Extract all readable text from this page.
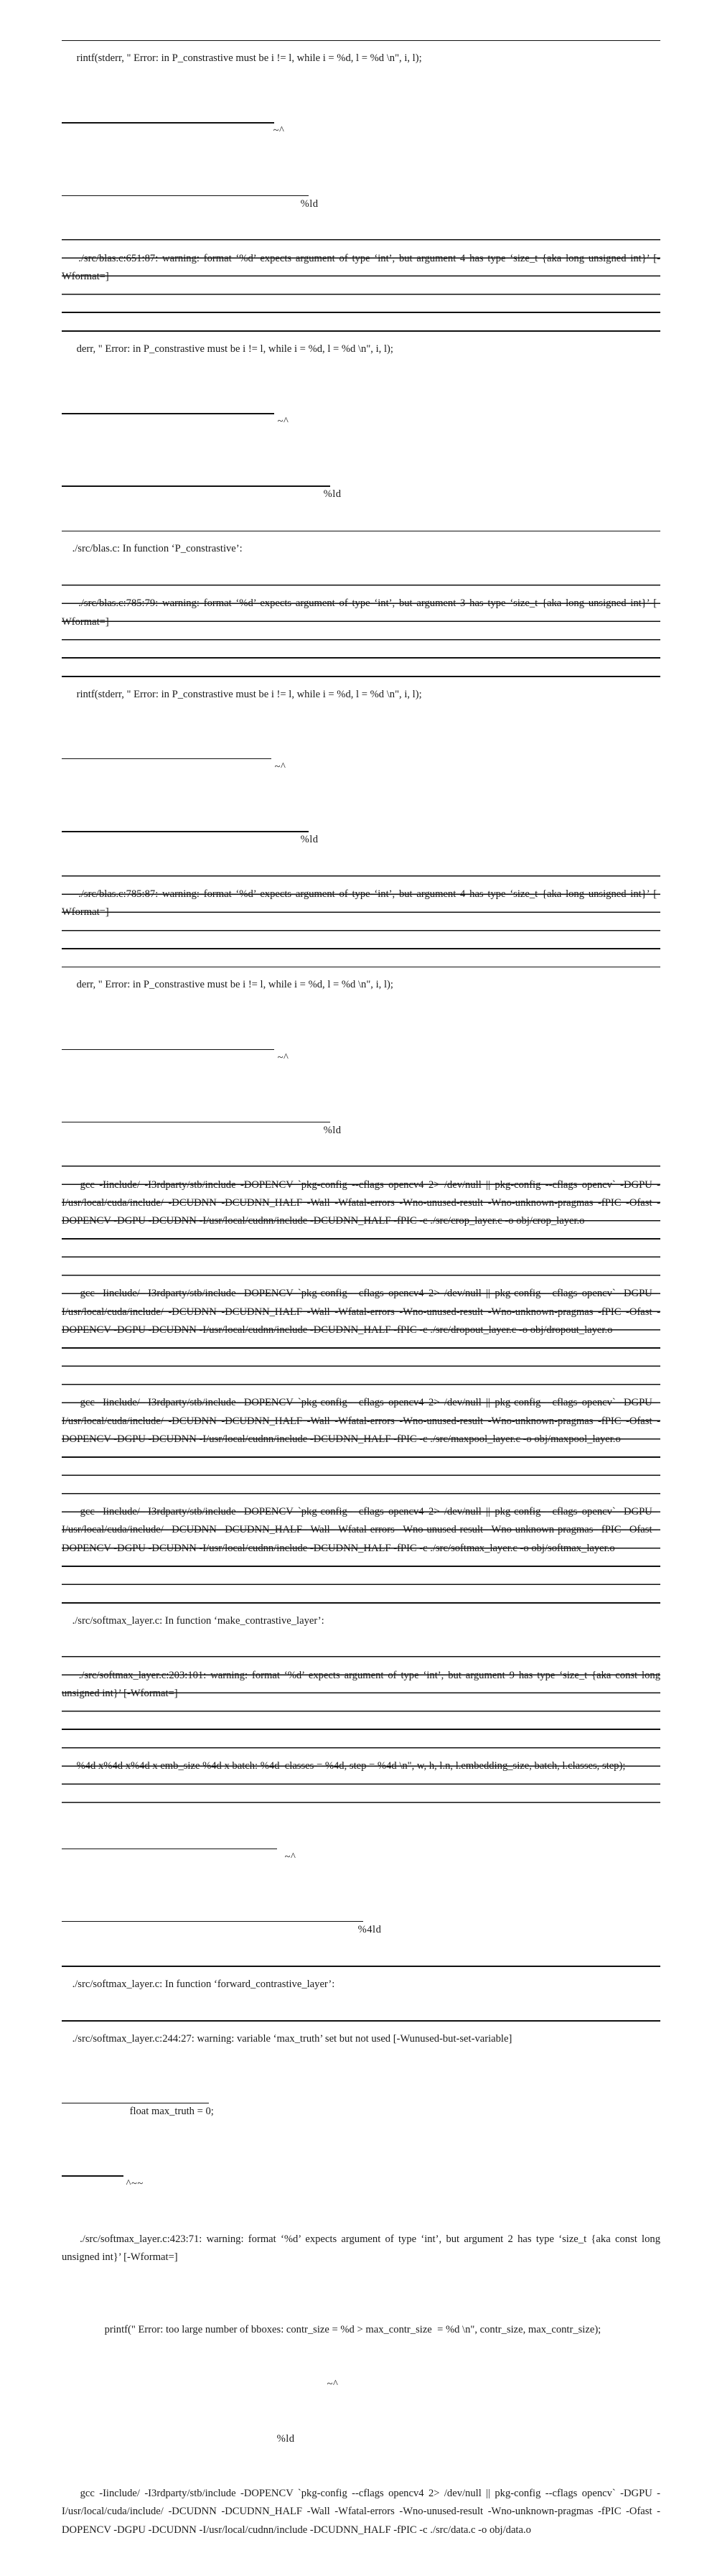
rintf(stderr, " Error: in P_constrastive must be i != l, while i = %d, l = %d \n", i, l);

~^

%ld

./src/blas.c:651:87: warning: format ‘%d’ expects argument of type ‘int’, but argument 4 has type ‘size_t {aka long unsigned int}’ [-Wformat=]

derr, " Error: in P_constrastive must be i != l, while i = %d, l = %d \n", i, l);

~^

%ld

./src/blas.c: In function ‘P_constrastive’:

./src/blas.c:785:79: warning: format ‘%d’ expects argument of type ‘int’, but argument 3 has type ‘size_t {aka long unsigned int}’ [-Wformat=]

rintf(stderr, " Error: in P_constrastive must be i != l, while i = %d, l = %d \n", i, l);

~^

%ld

./src/blas.c:785:87: warning: format ‘%d’ expects argument of type ‘int’, but argument 4 has type ‘size_t {aka long unsigned int}’ [-Wformat=]

derr, " Error: in P_constrastive must be i != l, while i = %d, l = %d \n", i, l);

~^

%ld

gcc -Iinclude/ -I3rdparty/stb/include -DOPENCV `pkg-config --cflags opencv4 2> /dev/null || pkg-config --cflags opencv` -DGPU -I/usr/local/cuda/include/ -DCUDNN -DCUDNN_HALF -Wall -Wfatal-errors -Wno-unused-result -Wno-unknown-pragmas -fPIC -Ofast -DOPENCV -DGPU -DCUDNN -I/usr/local/cudnn/include -DCUDNN_HALF -fPIC -c ./src/crop_layer.c -o obj/crop_layer.o

gcc -Iinclude/ -I3rdparty/stb/include -DOPENCV `pkg-config --cflags opencv4 2> /dev/null || pkg-config --cflags opencv` -DGPU -I/usr/local/cuda/include/ -DCUDNN -DCUDNN_HALF -Wall -Wfatal-errors -Wno-unused-result -Wno-unknown-pragmas -fPIC -Ofast -DOPENCV -DGPU -DCUDNN -I/usr/local/cudnn/include -DCUDNN_HALF -fPIC -c ./src/dropout_layer.c -o obj/dropout_layer.o

gcc -Iinclude/ -I3rdparty/stb/include -DOPENCV `pkg-config --cflags opencv4 2> /dev/null || pkg-config --cflags opencv` -DGPU -I/usr/local/cuda/include/ -DCUDNN -DCUDNN_HALF -Wall -Wfatal-errors -Wno-unused-result -Wno-unknown-pragmas -fPIC -Ofast -DOPENCV -DGPU -DCUDNN -I/usr/local/cudnn/include -DCUDNN_HALF -fPIC -c ./src/maxpool_layer.c -o obj/maxpool_layer.o

gcc -Iinclude/ -I3rdparty/stb/include -DOPENCV `pkg-config --cflags opencv4 2> /dev/null || pkg-config --cflags opencv` -DGPU -I/usr/local/cuda/include/ -DCUDNN -DCUDNN_HALF -Wall -Wfatal-errors -Wno-unused-result -Wno-unknown-pragmas -fPIC -Ofast -DOPENCV -DGPU -DCUDNN -I/usr/local/cudnn/include -DCUDNN_HALF -fPIC -c ./src/softmax_layer.c -o obj/softmax_layer.o

./src/softmax_layer.c: In function ‘make_contrastive_layer’:

./src/softmax_layer.c:203:101: warning: format ‘%d’ expects argument of type ‘int’, but argument 9 has type ‘size_t {aka const long unsigned int}’ [-Wformat=]

%4d x%4d x%4d x emb_size %4d x batch: %4d  classes = %4d, step = %4d \n", w, h, l.n, l.embedding_size, batch, l.classes, step);

~^

%4ld

./src/softmax_layer.c: In function ‘forward_contrastive_layer’:

./src/softmax_layer.c:244:27: warning: variable ‘max_truth’ set but not used [-Wunused-but-set-variable]

float max_truth = 0;

^~~

./src/softmax_layer.c:423:71: warning: format ‘%d’ expects argument of type ‘int’, but argument 2 has type ‘size_t {aka const long unsigned int}’ [-Wformat=]

printf(" Error: too large number of bboxes: contr_size = %d > max_contr_size  = %d \n", contr_size, max_contr_size);

~^

%ld

gcc -Iinclude/ -I3rdparty/stb/include -DOPENCV `pkg-config --cflags opencv4 2> /dev/null || pkg-config --cflags opencv` -DGPU -I/usr/local/cuda/include/ -DCUDNN -DCUDNN_HALF -Wall -Wfatal-errors -Wno-unused-result -Wno-unknown-pragmas -fPIC -Ofast -DOPENCV -DGPU -DCUDNN -I/usr/local/cudnn/include -DCUDNN_HALF -fPIC -c ./src/data.c -o obj/data.o
